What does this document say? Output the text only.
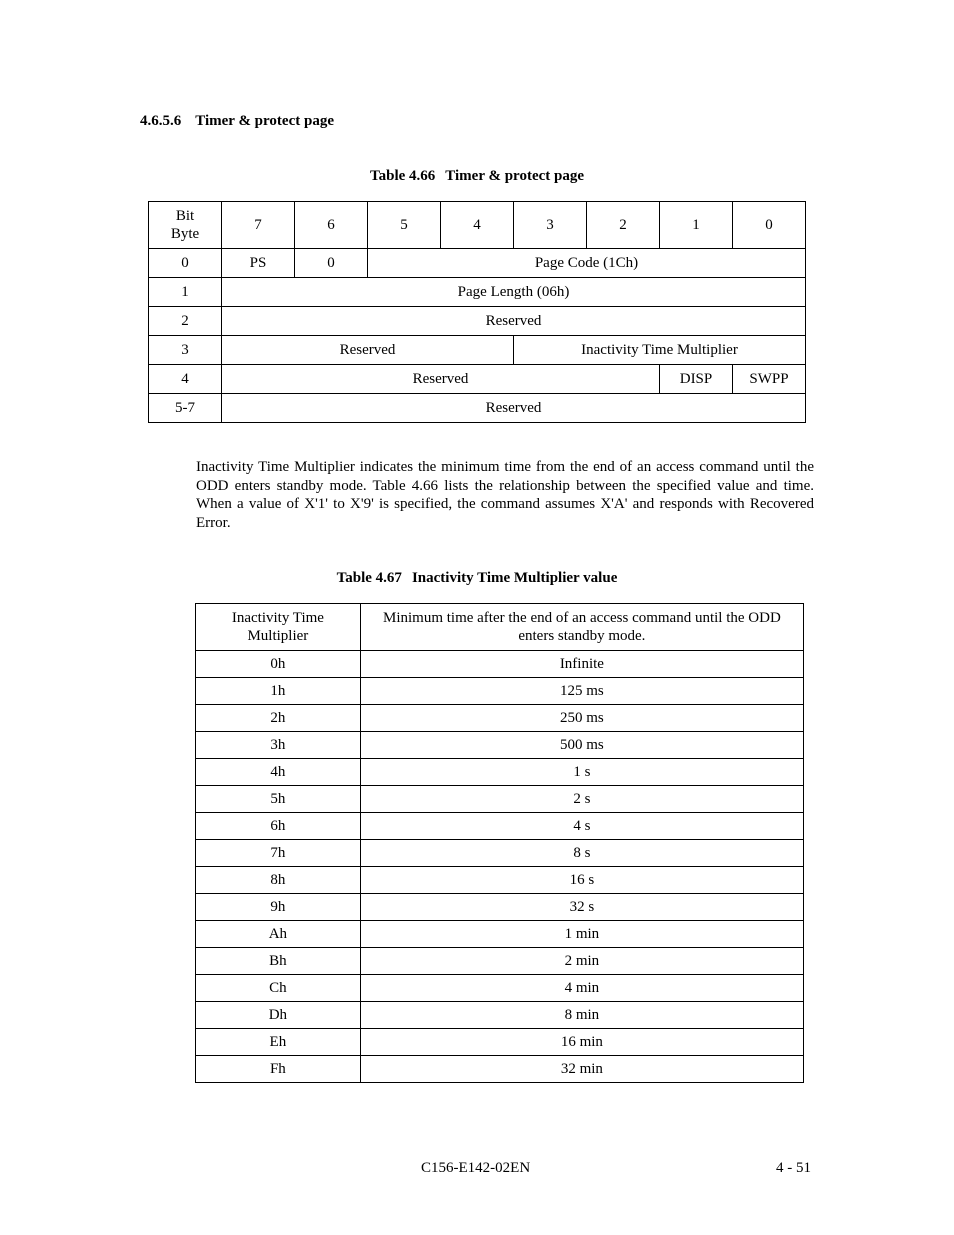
4.6.5.6 Timer & protect page
Table 4.66 Timer & protect page
Bit
Byte	7	6	5	4	3	2	1	0
0	PS	0	Page Code (1Ch)					
1	Page Length (06h)							
2	Reserved							
3	Reserved				Inactivity Time Multiplier			
4	Reserved						DISP	SWPP
5-7	Reserved							
Inactivity Time Multiplier indicates the minimum time from the end of an access command until the ODD enters standby mode. Table 4.66 lists the relationship between the specified value and time. When a value of X'1' to X'9' is specified, the command assumes X'A' and responds with Recovered Error.
Table 4.67 Inactivity Time Multiplier value
Inactivity Time
Multiplier	Minimum time after the end of an access command until the ODD
enters standby mode.
0h	Infinite
1h	125 ms
2h	250 ms
3h	500 ms
4h	1 s
5h	2 s
6h	4 s
7h	8 s
8h	16 s
9h	32 s
Ah	1 min
Bh	2 min
Ch	4 min
Dh	8 min
Eh	16 min
Fh	32 min
C156-E142-02EN	4 - 51
